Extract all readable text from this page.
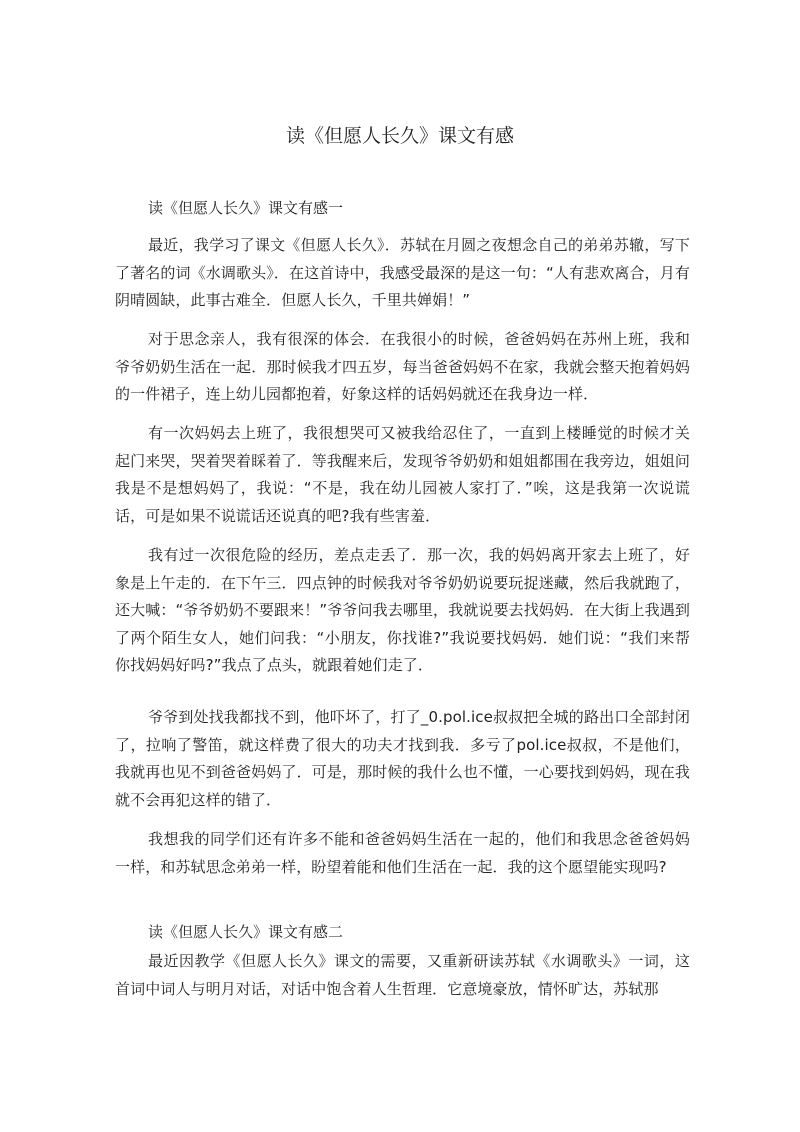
读《但愿人长久》课文有感
读《但愿人长久》课文有感一
最近，我学习了课文《但愿人长久》．苏轼在月圆之夜想念自己的弟弟苏辙，写下了著名的词《水调歌头》．在这首诗中，我感受最深的是这一句：“人有悲欢离合，月有阴晴圆缺，此事古难全．但愿人长久，千里共婵娟！”
对于思念亲人，我有很深的体会．在我很小的时候，爸爸妈妈在苏州上班，我和爷爷奶奶生活在一起．那时候我才四五岁，每当爸爸妈妈不在家，我就会整天抱着妈妈的一件裙子，连上幼儿园都抱着，好象这样的话妈妈就还在我身边一样．
有一次妈妈去上班了，我很想哭可又被我给忍住了，一直到上楼睡觉的时候才关起门来哭，哭着哭着睬着了．等我醒来后，发现爷爷奶奶和姐姐都围在我旁边，姐姐问我是不是想妈妈了，我说：“不是，我在幼儿园被人家打了．”唉，这是我第一次说谎话，可是如果不说谎话还说真的吧?我有些害羞．
我有过一次很危险的经历，差点走丢了．那一次，我的妈妈离开家去上班了，好象是上午走的．在下午三．四点钟的时候我对爷爷奶奶说要玩捉迷藏，然后我就跑了，还大喊：“爷爷奶奶不要跟来！”爷爷问我去哪里，我就说要去找妈妈．在大街上我遇到了两个陌生女人，她们问我：“小朋友，你找谁?”我说要找妈妈．她们说：“我们来帮你找妈妈好吗?”我点了点头，就跟着她们走了．
爷爷到处找我都找不到，他吓坏了，打了_0.pol.ice叔叔把全城的路出口全部封闭了，拉响了警笛，就这样费了很大的功夫才找到我．多亏了pol.ice叔叔，不是他们，我就再也见不到爸爸妈妈了．可是，那时候的我什么也不懂，一心要找到妈妈，现在我就不会再犯这样的错了．
我想我的同学们还有许多不能和爸爸妈妈生活在一起的，他们和我思念爸爸妈妈一样，和苏轼思念弟弟一样，盼望着能和他们生活在一起．我的这个愿望能实现吗?
读《但愿人长久》课文有感二
最近因教学《但愿人长久》课文的需要，又重新研读苏轼《水调歌头》一词，这首词中词人与明月对话，对话中饱含着人生哲理．它意境豪放，情怀旷达，苏轼那
